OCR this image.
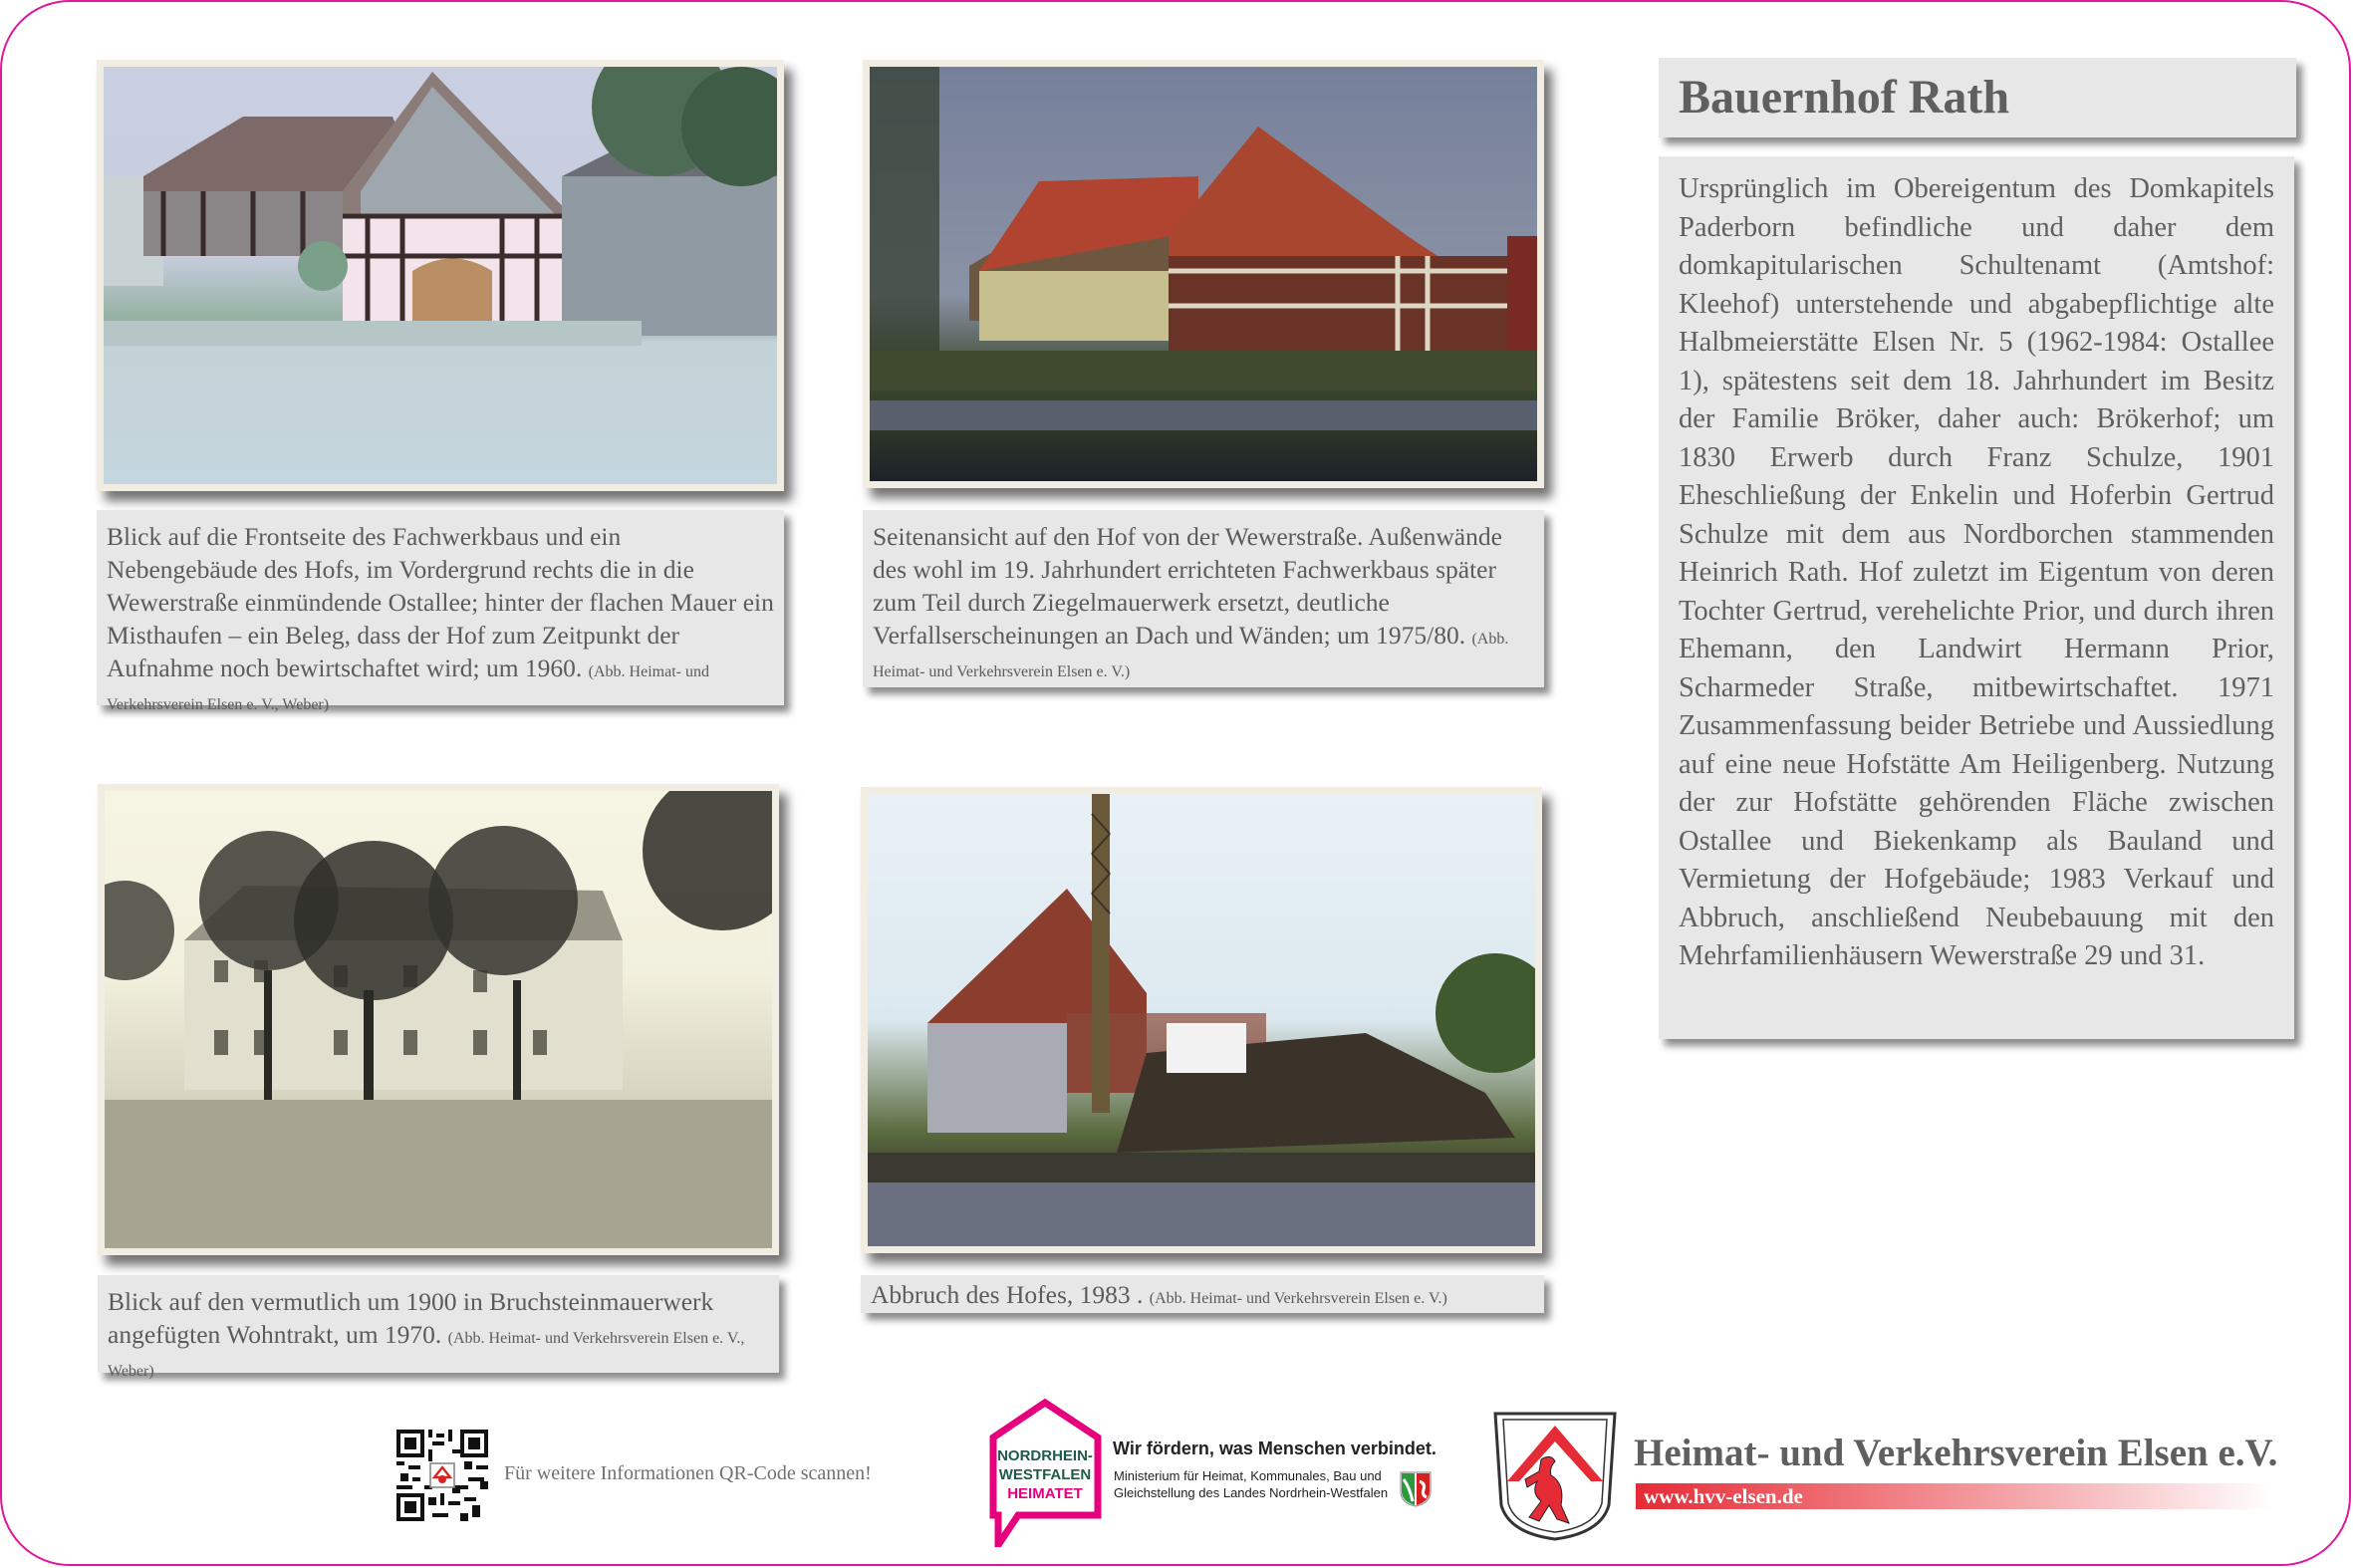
Blick auf die Frontseite des Fachwerkbaus und ein Nebengebäude des Hofs, im Vordergrund rechts die in die Wewerstraße einmündende Ostallee; hinter der flachen Mauer ein Misthaufen – ein Beleg, dass der Hof zum Zeitpunkt der Aufnahme noch bewirtschaftet wird; um 1960. (Abb. Heimat- und Verkehrsverein Elsen e. V., Weber)
Seitenansicht auf den Hof von der Wewerstraße. Außenwände des wohl im 19. Jahrhundert errichteten Fachwerkbaus später zum Teil durch Ziegelmauerwerk ersetzt, deutliche Verfallserscheinungen an Dach und Wänden; um 1975/80. (Abb. Heimat- und Verkehrsverein Elsen e. V.)
Blick auf den vermutlich um 1900 in Bruchsteinmauerwerk angefügten Wohntrakt, um 1970. (Abb. Heimat- und Verkehrsverein Elsen e. V., Weber)
Abbruch des Hofes, 1983 . (Abb. Heimat- und Verkehrsverein Elsen e. V.)
Bauernhof Rath

Ursprünglich im Obereigentum des Domkapitels Paderborn befindliche und daher dem domkapitularischen Schultenamt (Amtshof: Kleehof) unterstehende und abgabepflichtige alte Halbmeierstätte Elsen Nr. 5 (1962-1984: Ostallee 1), spätestens seit dem 18. Jahrhundert im Besitz der Familie Bröker, daher auch: Brökerhof; um 1830 Erwerb durch Franz Schulze, 1901 Eheschließung der Enkelin und Hoferbin Gertrud Schulze mit dem aus Nordborchen stammenden Heinrich Rath. Hof zuletzt im Eigentum von deren Tochter Gertrud, verehelichte Prior, und durch ihren Ehemann, den Landwirt Hermann Prior, Scharmeder Straße, mitbewirtschaftet. 1971 Zusammenfassung beider Betriebe und Aussiedlung auf eine neue Hofstätte Am Heiligenberg. Nutzung der zur Hofstätte gehörenden Fläche zwischen Ostallee und Biekenkamp als Bauland und Vermietung der Hofgebäude; 1983 Verkauf und Abbruch, anschließend Neubebauung mit den Mehrfamilienhäusern Wewerstraße 29 und 31.

Für weitere Informationen QR-Code scannen!
NORDRHEIN-
WESTFALEN
HEIMATET
Wir fördern, was Menschen verbindet.
Ministerium für Heimat, Kommunales, Bau und
Gleichstellung des Landes Nordrhein-Westfalen
Heimat- und Verkehrsverein Elsen e.V.
www.hvv-elsen.de
